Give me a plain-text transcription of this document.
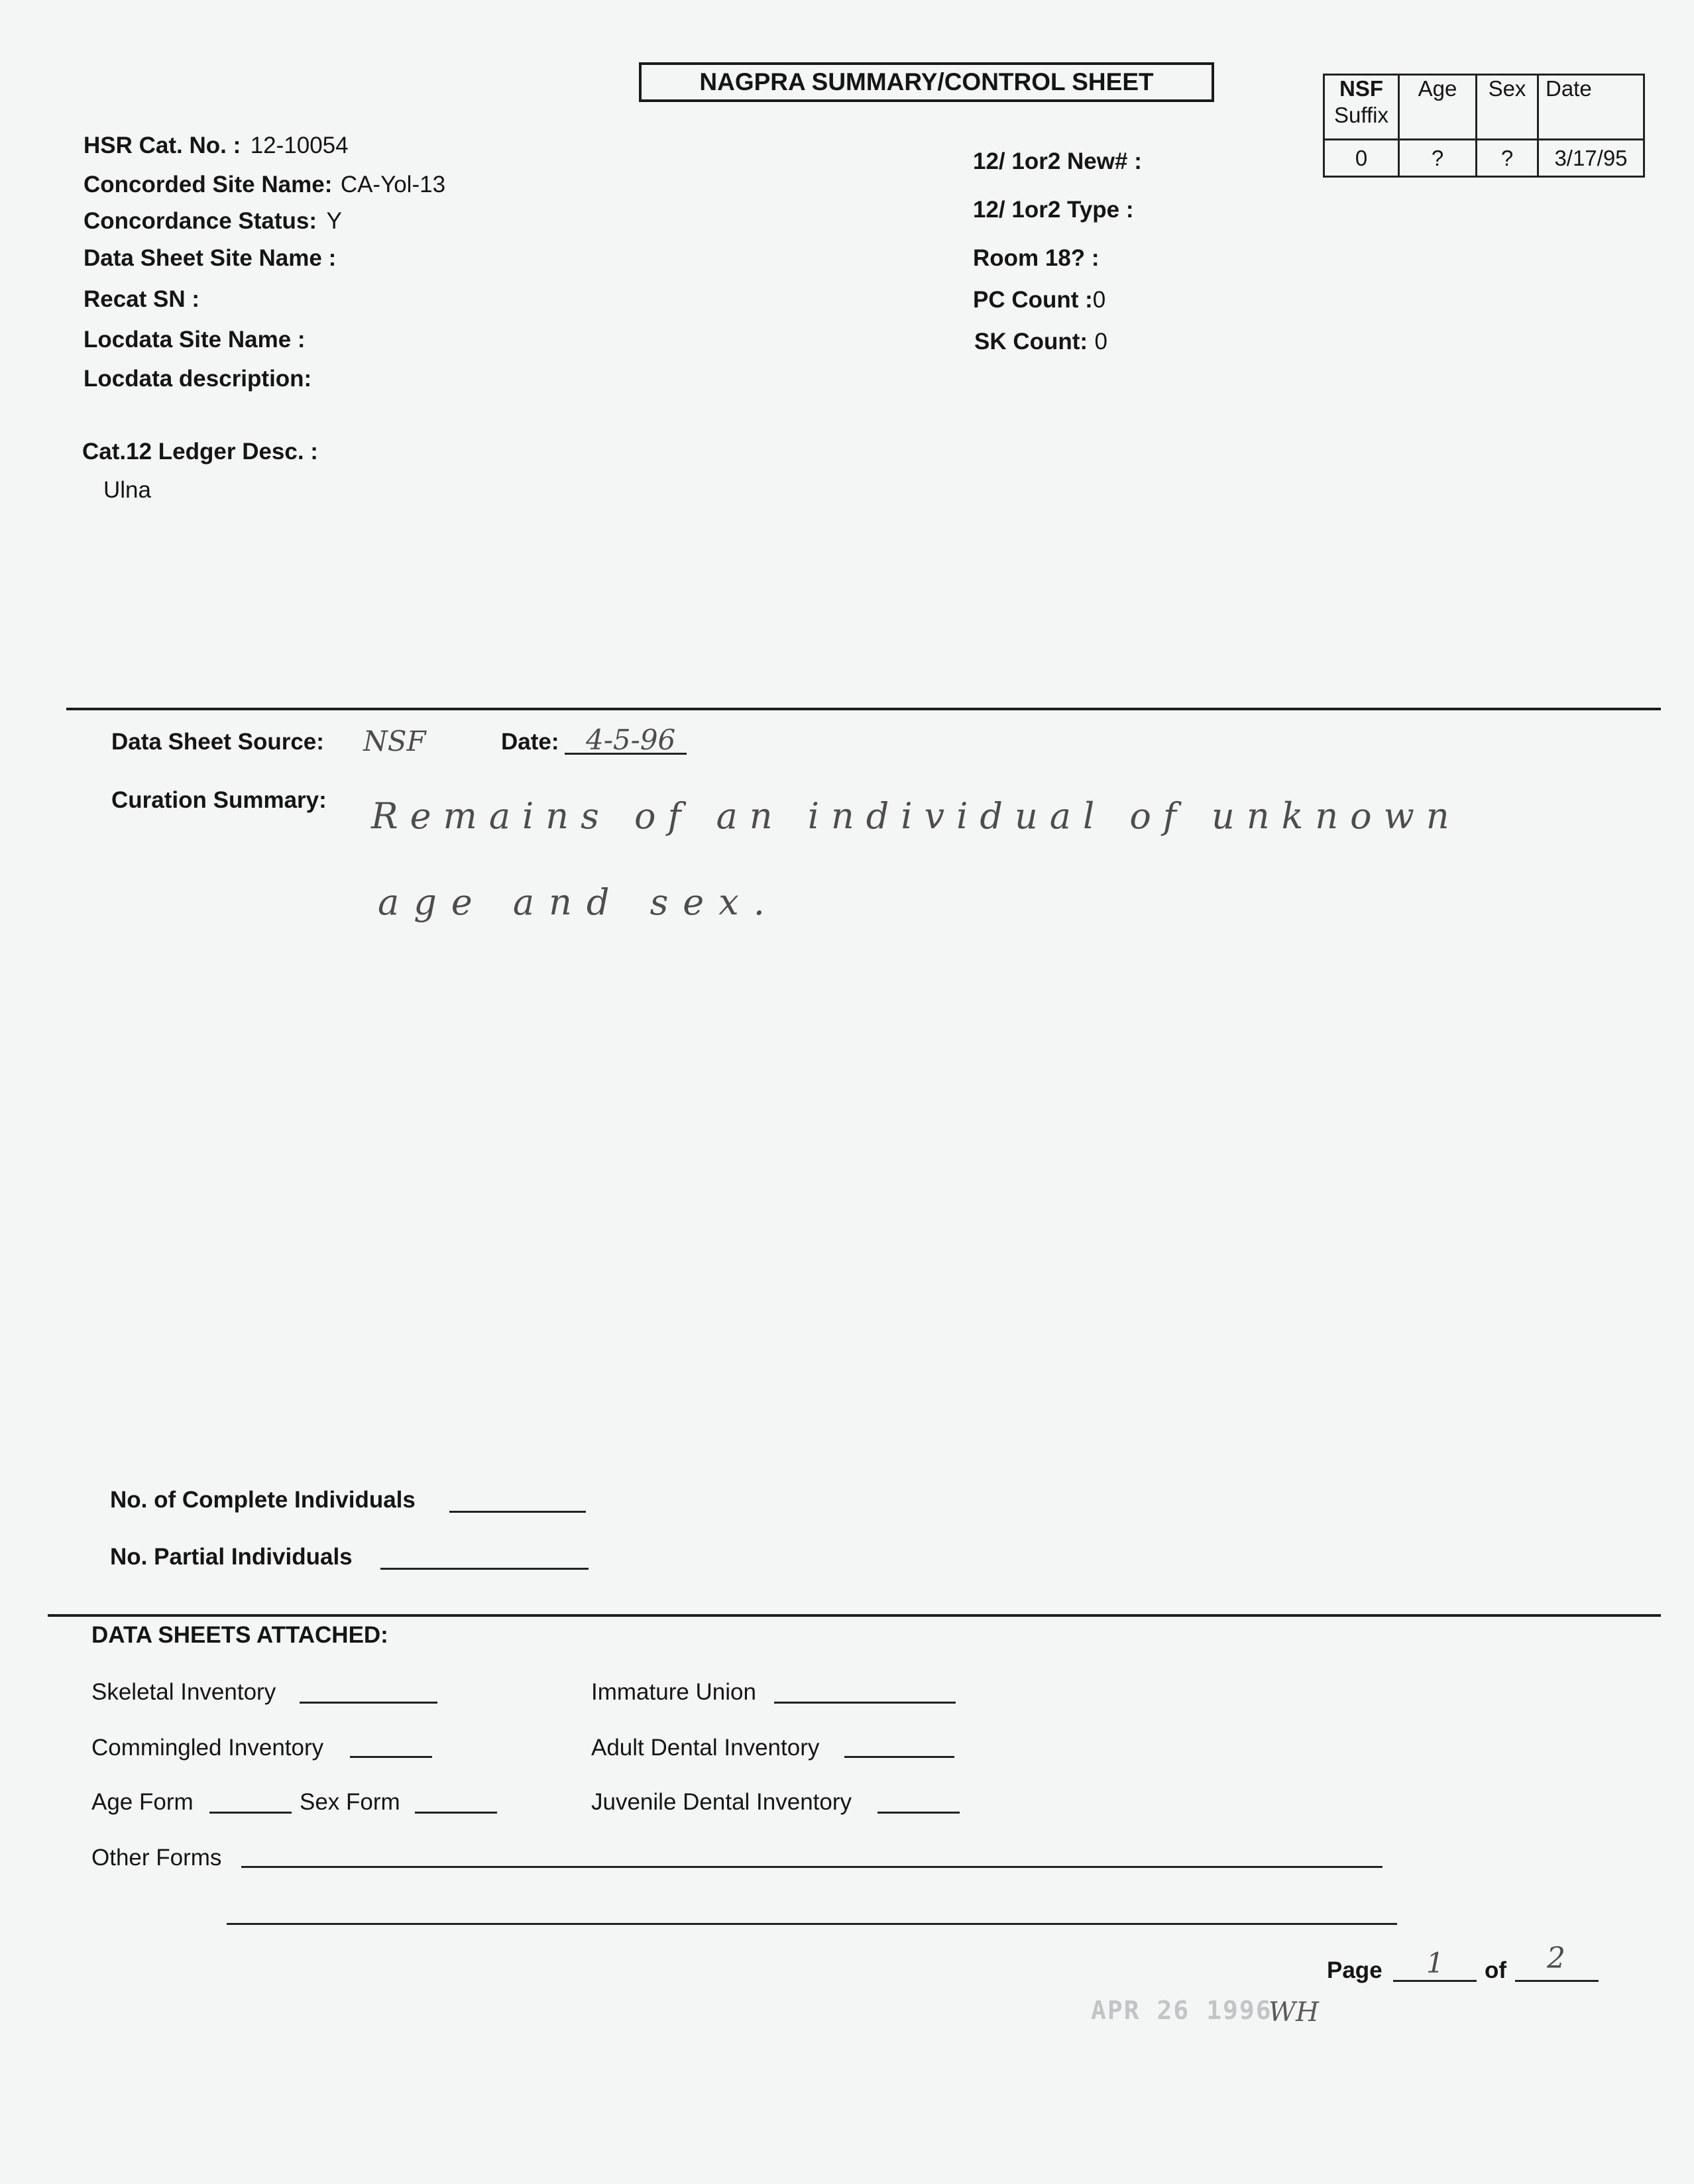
NAGPRA SUMMARY/CONTROL SHEET	NSF
Suffix	Age	Sex	Date
0	?	?	3/17/95
HSR Cat. No. : 12-10054
Concorded Site Name: CA-Yol-13
Concordance Status: Y
Data Sheet Site Name :
Recat SN :
Locdata Site Name :
Locdata description:
Cat.12 Ledger Desc. :
Ulna
12/ 1or2 New# :
12/ 1or2 Type :
Room 18? :
PC Count :0
SK Count: 0
Data Sheet Source: NSF	Date: 4-5-96
Curation Summary: Remains of an individual of unknown
age and sex.
No. of Complete Individuals
No. Partial Individuals
DATA SHEETS ATTACHED:
Skeletal Inventory
Commingled Inventory
Age Form	Sex Form
Other Forms
Immature Union
Adult Dental Inventory
Juvenile Dental Inventory
Page 1 of 2
APR 26 1996
WH
